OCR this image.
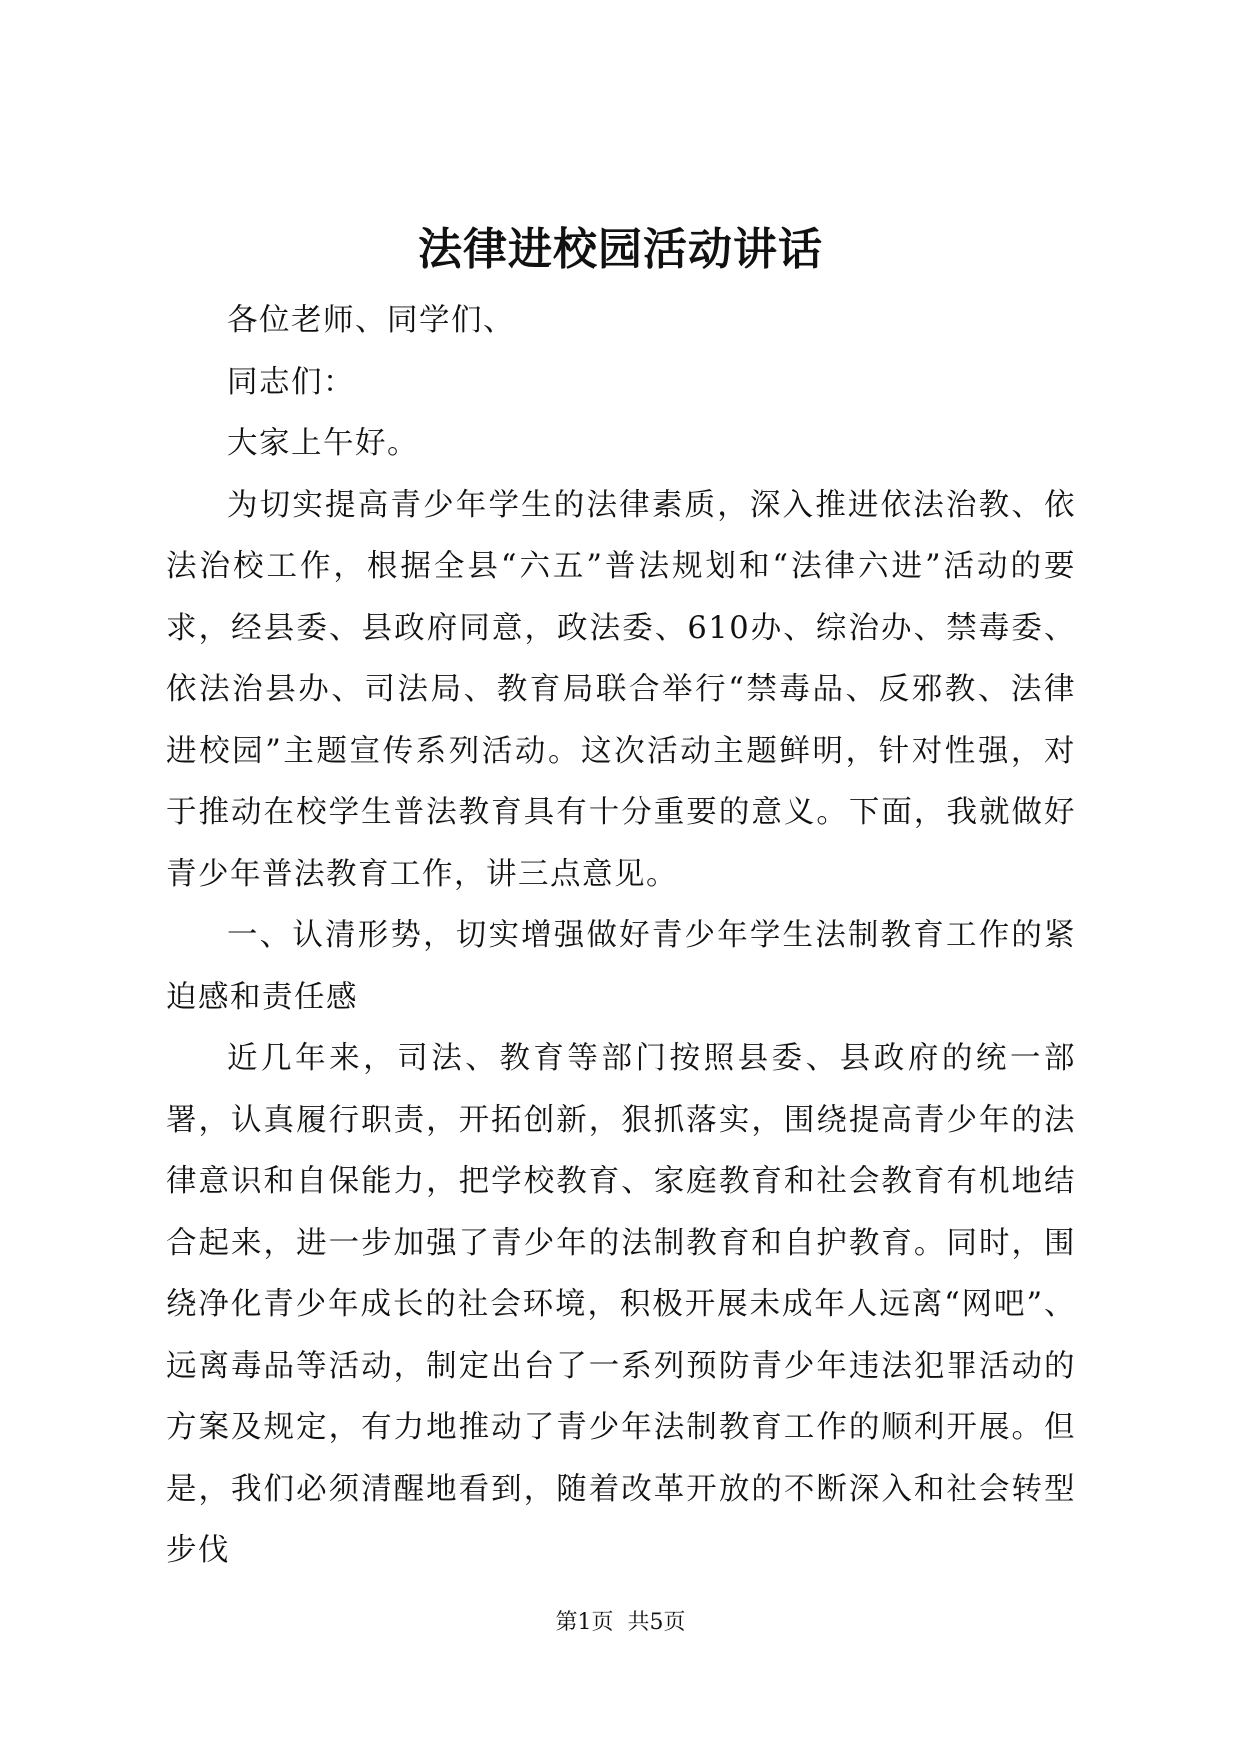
法律进校园活动讲话

各位老师、同学们、

同志们：

大家上午好。

为切实提高青少年学生的法律素质，深入推进依法治教、依法治校工作，根据全县“六五”普法规划和“法律六进”活动的要求，经县委、县政府同意，政法委、610办、综治办、禁毒委、依法治县办、司法局、教育局联合举行“禁毒品、反邪教、法律进校园”主题宣传系列活动。这次活动主题鲜明，针对性强，对于推动在校学生普法教育具有十分重要的意义。下面，我就做好青少年普法教育工作，讲三点意见。

一、认清形势，切实增强做好青少年学生法制教育工作的紧迫感和责任感

近几年来，司法、教育等部门按照县委、县政府的统一部署，认真履行职责，开拓创新，狠抓落实，围绕提高青少年的法律意识和自保能力，把学校教育、家庭教育和社会教育有机地结合起来，进一步加强了青少年的法制教育和自护教育。同时，围绕净化青少年成长的社会环境，积极开展未成年人远离“网吧”、远离毒品等活动，制定出台了一系列预防青少年违法犯罪活动的方案及规定，有力地推动了青少年法制教育工作的顺利开展。但是，我们必须清醒地看到，随着改革开放的不断深入和社会转型步伐

第1页 共5页
